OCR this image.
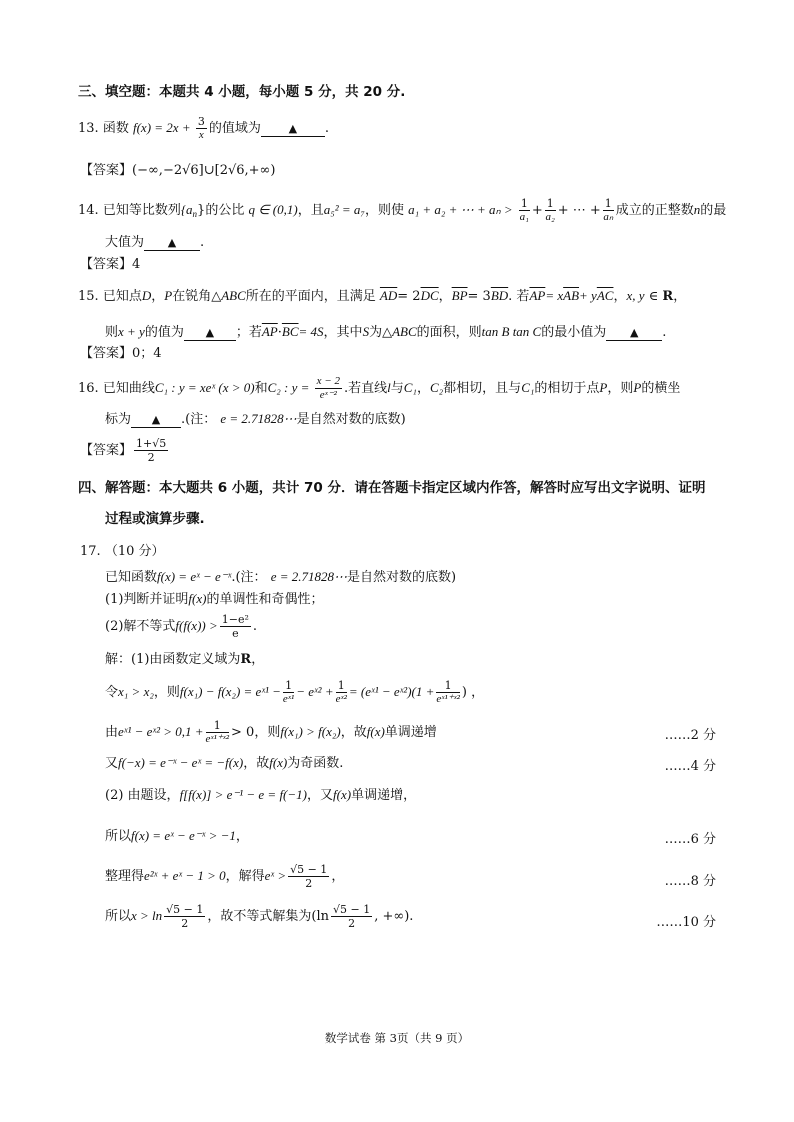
三、填空题：本题共 4 小题，每小题 5 分，共 20 分.
13. 函数 $f(x) = 2x + \frac{3}{x}$ 的值域为	▲ .
【答案】(−∞,−2√6]∪[2√6,+∞)
14. 已知等比数列$\{a_n\}$的公比 q ∈ (0,1)，且a₅² = a₇，则使 a₁ + a₂ + ⋯ + $a_n > \frac{1}{\text{a₁}} + \frac{1}{\text{a₂}}$ + ⋯ + $\frac{1}{\text{aₙ}}$ 成立的正整数n的最
大值为 ▲ .
【答案】4
15. 已知点D，P在锐角△ABC所在的平面内，且满足 $\overline{AD}= 2\overline{DC}$，$\overline{BP}= 3\overline{BD}$. 若$\overline{AP}= x\overline{AB}+ y\overline{AC}$，x, y ∈ R，
则x + y的值为 ▲ ；若$\overline{AP}\cdot\overline{BC}= 4S$，其中S为△ABC的面积，则tan B tan C的最小值为 ▲ .
【答案】0；4
16. 已知曲线C₁ : y = xeˣ (x > 0)和C₂ : $y = \frac{x - 2}{\text{eˣ⁻²}}$ .若直线l与C₁，C₂都相切，且与C₁的相切于点P，则P的横坐
标为 ▲ .(注： e = 2.71828⋯是自然对数的底数)
【答案】 $\frac{1+√5}{2}$
四、解答题：本大题共 6 小题，共计 70 分．请在答题卡指定区域内作答，解答时应写出文字说明、证明
过程或演算步骤.
17. （10 分）
已知函数f(x) = eˣ − e⁻ˣ.(注： e = 2.71828⋯是自然对数的底数)
(1)判断并证明f(x)的单调性和奇偶性；
(2)解不等式$f(f(x)) > \frac{\text{1−e²}}{e}$ .
解：(1)由函数定义域为R，
令x₁ > x₂，则f(x₁) − f(x₂) = eˣ¹ − $\frac{1}{\text{eˣ¹}}$ − eˣ² + $\frac{1}{\text{eˣ²}}$ = (eˣ¹ − eˣ²)(1 + $\frac{1}{\text{eˣ¹⁺ˣ²}}$ ) ，
由eˣ¹ − eˣ² > $0,1 + \frac{1}{\text{eˣ¹⁺ˣ²}} > 0$，则f(x₁) > f(x₂)，故f(x)单调递增	……2 分
又f(−x) = e⁻ˣ − eˣ = −f(x)，故f(x)为奇函数.	……4 分
(2) 由题设，f[f(x)] > e⁻¹ − e = f(−1)，又f(x)单调递增，
所以f(x) = eˣ − e⁻ˣ > −1，	……6 分
整理得e²ˣ + eˣ − 1 > 0，解得eˣ > $\frac{√5 - 1}{2}$ ，	……8 分
所以$x > \ln \frac{√5 - 1}{2}$ ，故不等式解集为($\ln \frac{√5 - 1}{2}$ , +∞).	……10 分
数学试卷 第 3页（共 9 页）
